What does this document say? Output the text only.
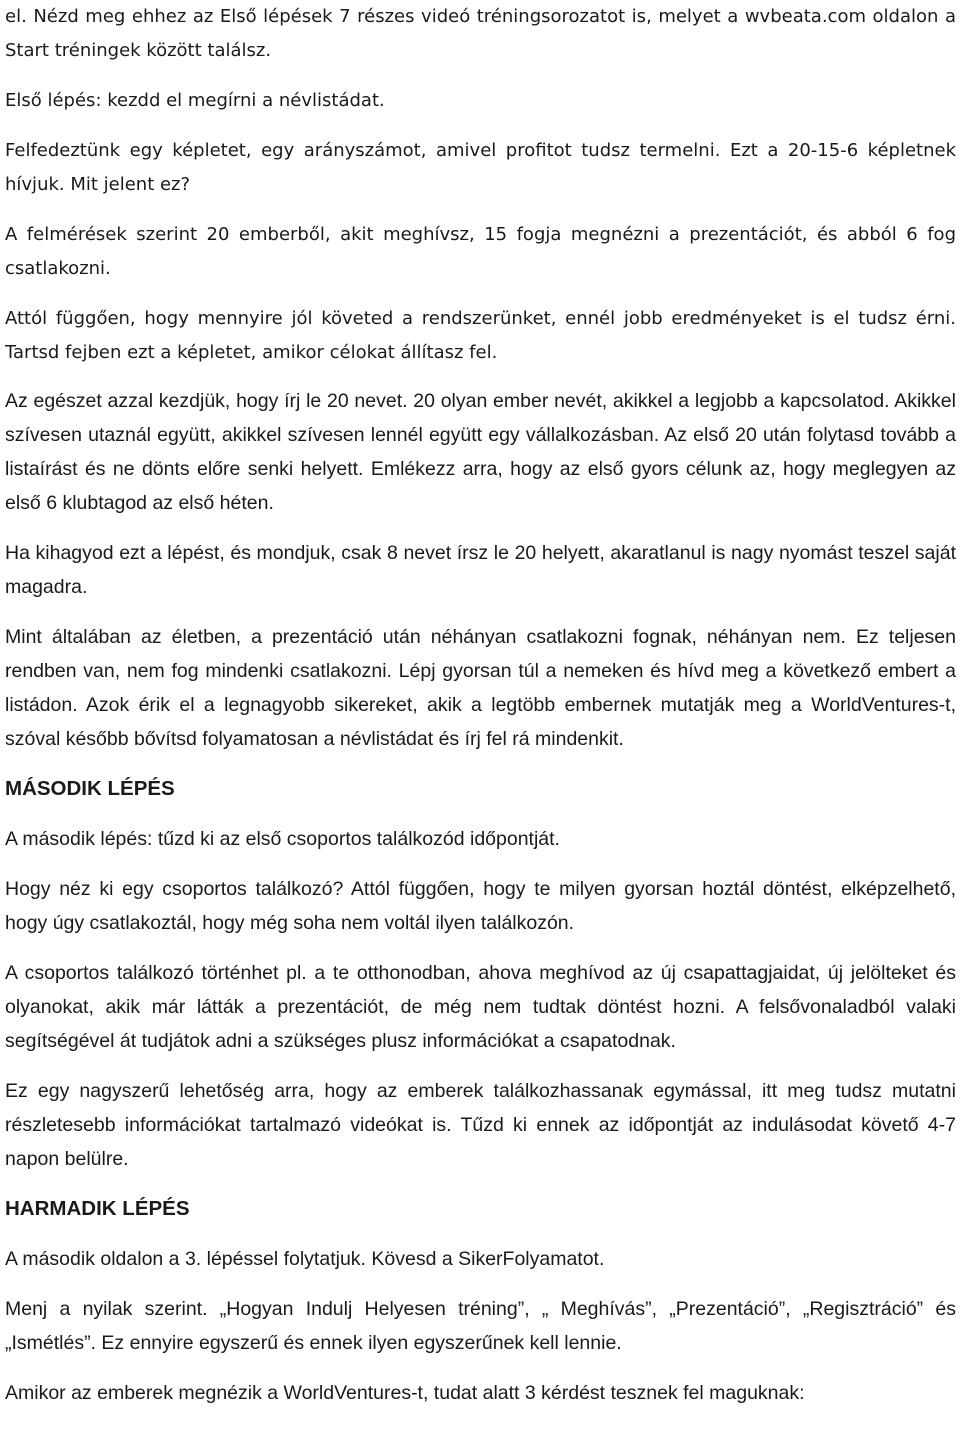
el. Nézd meg ehhez az Első lépések 7 részes videó tréningsorozatot is, melyet a wvbeata.com oldalon a Start tréningek között találsz.

Első lépés: kezdd el megírni a névlistádat.

Felfedeztünk egy képletet, egy arányszámot, amivel profitot tudsz termelni. Ezt a 20-15-6 képletnek hívjuk. Mit jelent ez?

A felmérések szerint 20 emberből, akit meghívsz, 15 fogja megnézni a prezentációt, és abból 6 fog csatlakozni.

Attól függően, hogy mennyire jól követed a rendszerünket, ennél jobb eredményeket is el tudsz érni. Tartsd fejben ezt a képletet, amikor célokat állítasz fel.

Az egészet azzal kezdjük, hogy írj le 20 nevet. 20 olyan ember nevét, akikkel a legjobb a kapcsolatod. Akikkel szívesen utaznál együtt, akikkel szívesen lennél együtt egy vállalkozásban. Az első 20 után folytasd tovább a listaírást és ne dönts előre senki helyett. Emlékezz arra, hogy az első gyors célunk az, hogy meglegyen az első 6 klubtagod az első héten.

Ha kihagyod ezt a lépést, és mondjuk, csak 8 nevet írsz le 20 helyett, akaratlanul is nagy nyomást teszel saját magadra.

Mint általában az életben, a prezentáció után néhányan csatlakozni fognak, néhányan nem. Ez teljesen rendben van, nem fog mindenki csatlakozni. Lépj gyorsan túl a nemeken és hívd meg a következő embert a listádon. Azok érik el a legnagyobb sikereket, akik a legtöbb embernek mutatják meg a WorldVentures-t, szóval később bővítsd folyamatosan a névlistádat és írj fel rá mindenkit.

MÁSODIK LÉPÉS

A második lépés: tűzd ki az első csoportos találkozód időpontját.

Hogy néz ki egy csoportos találkozó? Attól függően, hogy te milyen gyorsan hoztál döntést, elképzelhető, hogy úgy csatlakoztál, hogy még soha nem voltál ilyen találkozón.

A csoportos találkozó történhet pl. a te otthonodban, ahova meghívod az új csapattagjaidat, új jelölteket és olyanokat, akik már látták a prezentációt, de még nem tudtak döntést hozni. A felsővonaladból valaki segítségével át tudjátok adni a szükséges plusz információkat a csapatodnak.

Ez egy nagyszerű lehetőség arra, hogy az emberek találkozhassanak egymással, itt meg tudsz mutatni részletesebb információkat tartalmazó videókat is. Tűzd ki ennek az időpontját az indulásodat követő 4-7 napon belülre.

HARMADIK LÉPÉS

A második oldalon a 3. lépéssel folytatjuk. Kövesd a SikerFolyamatot.

Menj a nyilak szerint. „Hogyan Indulj Helyesen tréning”, „ Meghívás”, „Prezentáció”, „Regisztráció” és „Ismétlés”. Ez ennyire egyszerű és ennek ilyen egyszerűnek kell lennie.

Amikor az emberek megnézik a WorldVentures-t, tudat alatt 3 kérdést tesznek fel maguknak:
